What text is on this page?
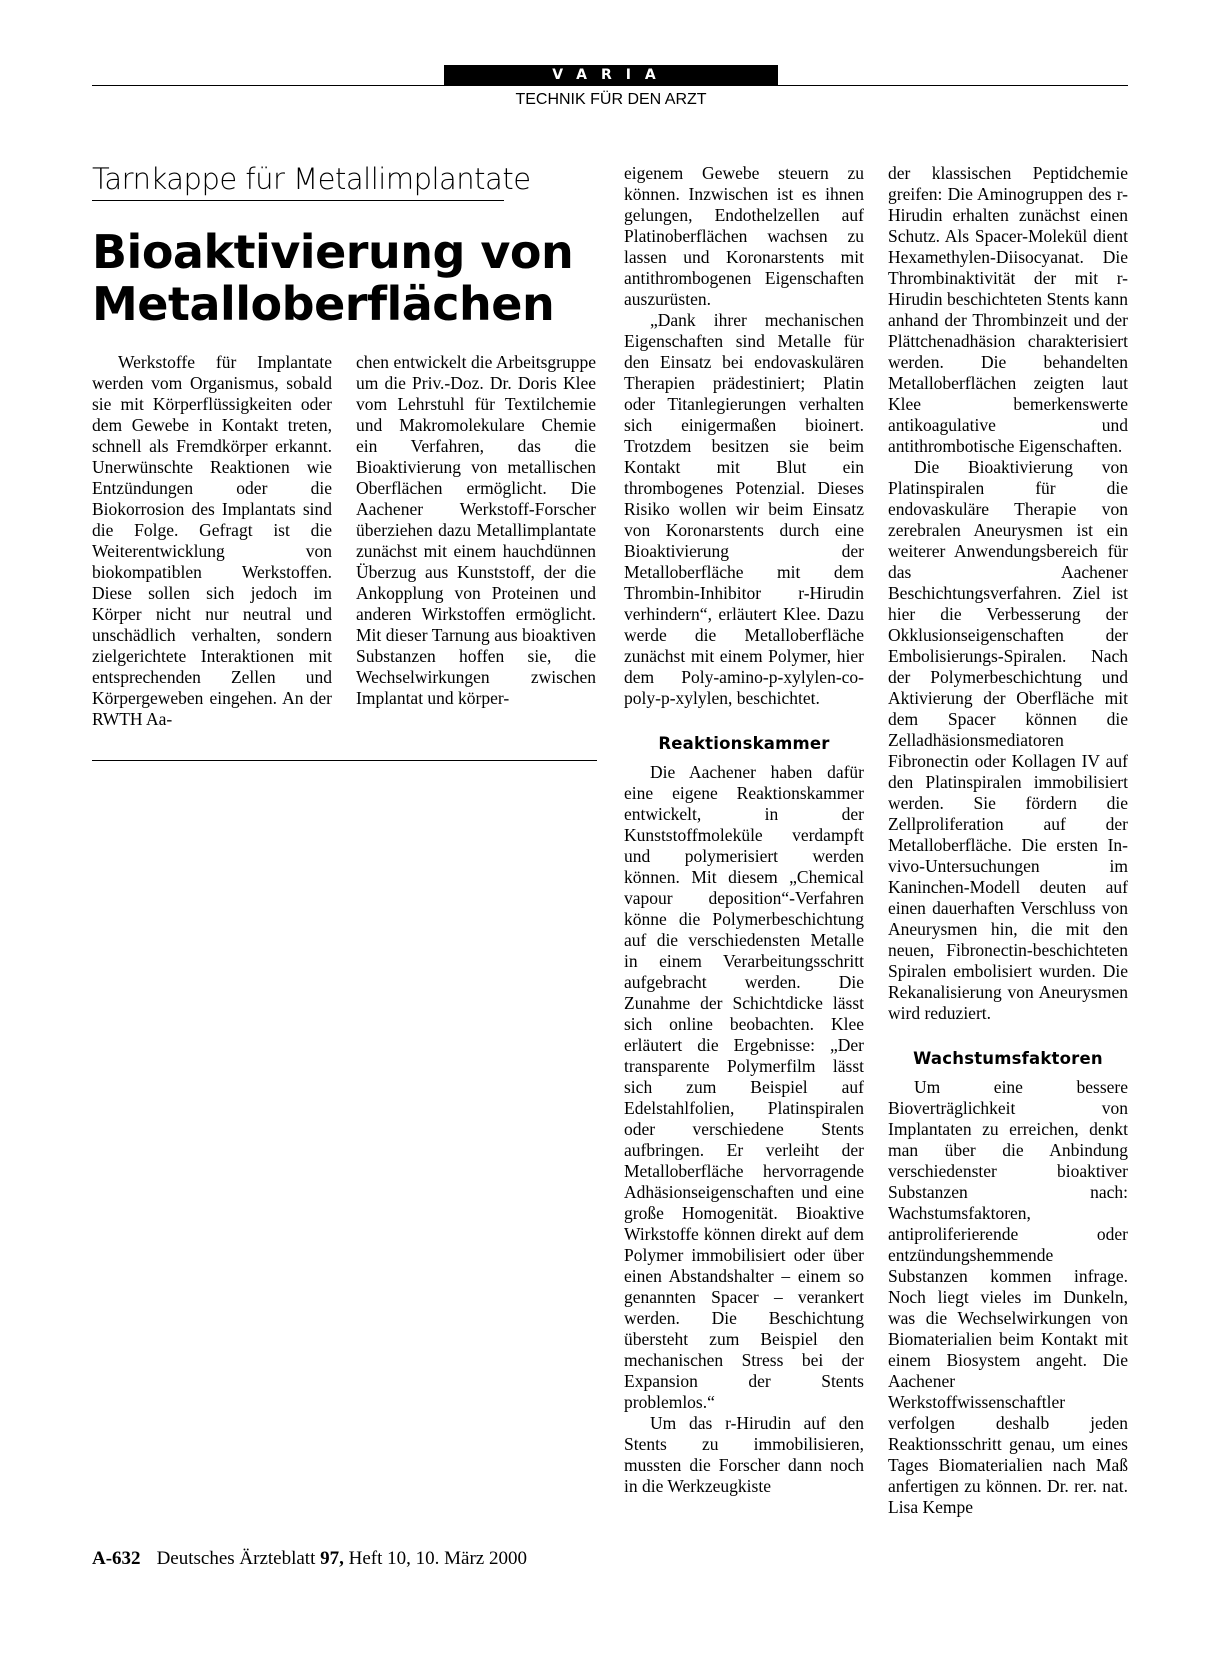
VARIA
TECHNIK FÜR DEN ARZT
Tarnkappe für Metallimplantate
Bioaktivierung von
Metalloberflächen

Werkstoffe für Implantate werden vom Organismus, sobald sie mit Körperflüssigkeiten oder dem Gewebe in Kontakt treten, schnell als Fremdkörper erkannt. Unerwünschte Reaktionen wie Entzündungen oder die Biokorrosion des Implantats sind die Folge. Gefragt ist die Weiterentwicklung von biokompatiblen Werkstoffen. Diese sollen sich jedoch im Körper nicht nur neutral und unschädlich verhalten, sondern zielgerichtete Interaktionen mit entsprechenden Zellen und Körpergeweben eingehen. An der RWTH Aa-

chen entwickelt die Arbeitsgruppe um die Priv.-Doz. Dr. Doris Klee vom Lehrstuhl für Textilchemie und Makromolekulare Chemie ein Verfahren, das die Bioaktivierung von metallischen Oberflächen ermöglicht. Die Aachener Werkstoff-Forscher überziehen dazu Metallimplantate zunächst mit einem hauchdünnen Überzug aus Kunststoff, der die Ankopplung von Proteinen und anderen Wirkstoffen ermöglicht. Mit dieser Tarnung aus bioaktiven Substanzen hoffen sie, die Wechselwirkungen zwischen Implantat und körper-

eigenem Gewebe steuern zu können. Inzwischen ist es ihnen gelungen, Endothelzellen auf Platinoberflächen wachsen zu lassen und Koronarstents mit antithrombogenen Eigenschaften auszurüsten.

„Dank ihrer mechanischen Eigenschaften sind Metalle für den Einsatz bei endovaskulären Therapien prädestiniert; Platin oder Titanlegierungen verhalten sich einigermaßen bioinert. Trotzdem besitzen sie beim Kontakt mit Blut ein thrombogenes Potenzial. Dieses Risiko wollen wir beim Einsatz von Koronarstents durch eine Bioaktivierung der Metalloberfläche mit dem Thrombin-Inhibitor r-Hirudin verhindern“, erläutert Klee. Dazu werde die Metalloberfläche zunächst mit einem Polymer, hier dem Poly-amino-p-xylylen-co-poly-p-xylylen, beschichtet.

Reaktionskammer

Die Aachener haben dafür eine eigene Reaktionskammer entwickelt, in der Kunststoffmoleküle verdampft und polymerisiert werden können. Mit diesem „Chemical vapour deposition“-Verfahren könne die Polymerbeschichtung auf die verschiedensten Metalle in einem Verarbeitungsschritt aufgebracht werden. Die Zunahme der Schichtdicke lässt sich online beobachten. Klee erläutert die Ergebnisse: „Der transparente Polymerfilm lässt sich zum Beispiel auf Edelstahlfolien, Platinspiralen oder verschiedene Stents aufbringen. Er verleiht der Metalloberfläche hervorragende Adhäsionseigenschaften und eine große Homogenität. Bioaktive Wirkstoffe können direkt auf dem Polymer immobilisiert oder über einen Abstandshalter – einem so genannten Spacer – verankert werden. Die Beschichtung übersteht zum Beispiel den mechanischen Stress bei der Expansion der Stents problemlos.“

Um das r-Hirudin auf den Stents zu immobilisieren, mussten die Forscher dann noch in die Werkzeugkiste

der klassischen Peptidchemie greifen: Die Aminogruppen des r-Hirudin erhalten zunächst einen Schutz. Als Spacer-Molekül dient Hexamethylen-Diisocyanat. Die Thrombinaktivität der mit r-Hirudin beschichteten Stents kann anhand der Thrombinzeit und der Plättchenadhäsion charakterisiert werden. Die behandelten Metalloberflächen zeigten laut Klee bemerkenswerte antikoagulative und antithrombotische Eigenschaften.

Die Bioaktivierung von Platinspiralen für die endovaskuläre Therapie von zerebralen Aneurysmen ist ein weiterer Anwendungsbereich für das Aachener Beschichtungsverfahren. Ziel ist hier die Verbesserung der Okklusionseigenschaften der Embolisierungs-Spiralen. Nach der Polymerbeschichtung und Aktivierung der Oberfläche mit dem Spacer können die Zelladhäsionsmediatoren Fibronectin oder Kollagen IV auf den Platinspiralen immobilisiert werden. Sie fördern die Zellproliferation auf der Metalloberfläche. Die ersten In-vivo-Untersuchungen im Kaninchen-Modell deuten auf einen dauerhaften Verschluss von Aneurysmen hin, die mit den neuen, Fibronectin-beschichteten Spiralen embolisiert wurden. Die Rekanalisierung von Aneurysmen wird reduziert.

Wachstumsfaktoren

Um eine bessere Bioverträglichkeit von Implantaten zu erreichen, denkt man über die Anbindung verschiedenster bioaktiver Substanzen nach: Wachstumsfaktoren, antiproliferierende oder entzündungshemmende Substanzen kommen infrage. Noch liegt vieles im Dunkeln, was die Wechselwirkungen von Biomaterialien beim Kontakt mit einem Biosystem angeht. Die Aachener Werkstoffwissenschaftler verfolgen deshalb jeden Reaktionsschritt genau, um eines Tages Biomaterialien nach Maß anfertigen zu können. Dr. rer. nat. Lisa Kempe

A-632 Deutsches Ärzteblatt 97, Heft 10, 10. März 2000
